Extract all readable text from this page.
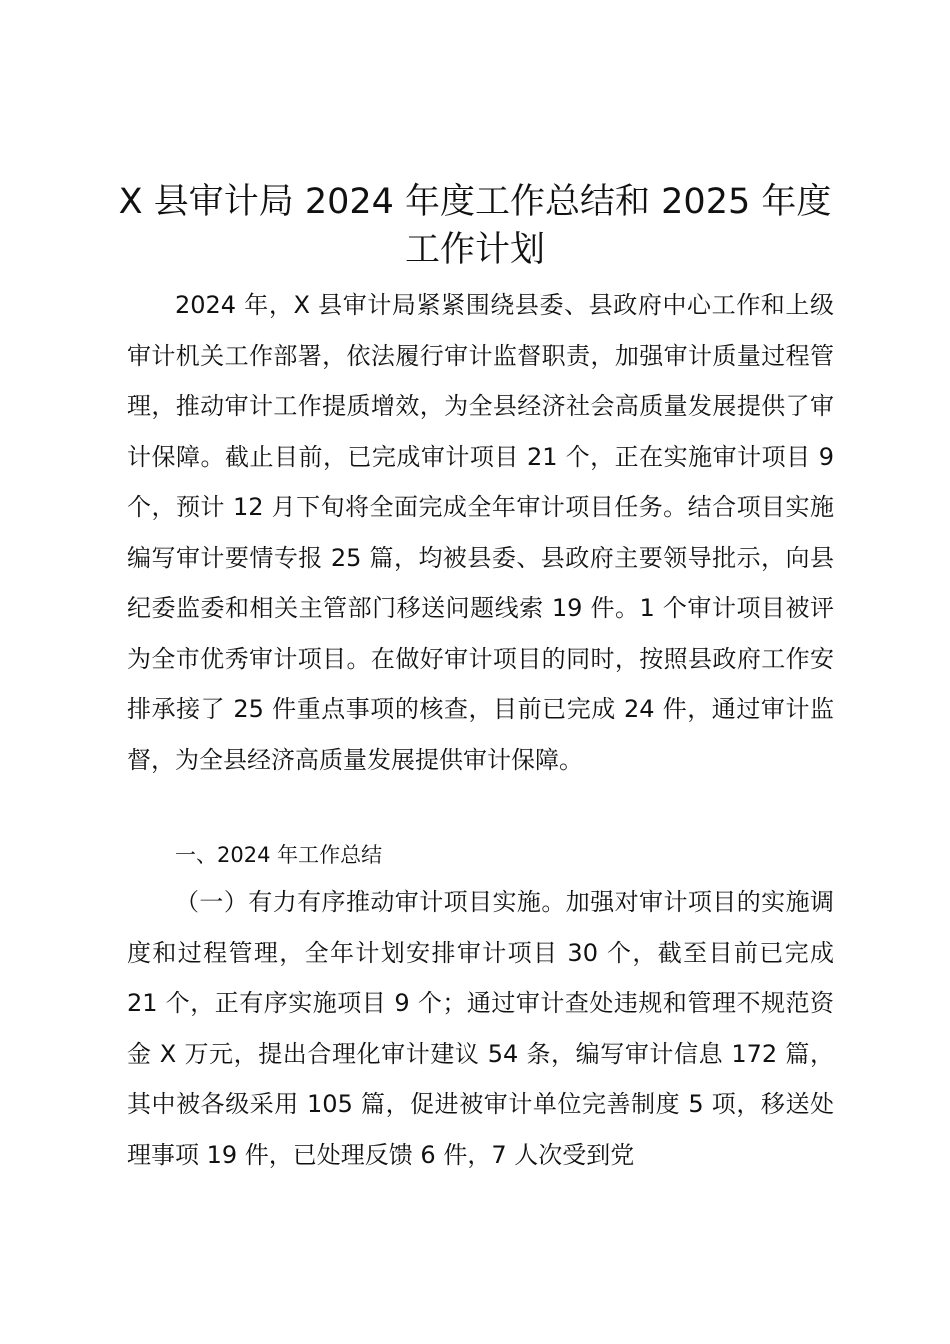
X 县审计局 2024 年度工作总结和 2025 年度工作计划

2024 年，X 县审计局紧紧围绕县委、县政府中心工作和上级审计机关工作部署，依法履行审计监督职责，加强审计质量过程管理，推动审计工作提质增效，为全县经济社会高质量发展提供了审计保障。截止目前，已完成审计项目 21 个，正在实施审计项目 9 个，预计 12 月下旬将全面完成全年审计项目任务。结合项目实施编写审计要情专报 25 篇，均被县委、县政府主要领导批示，向县纪委监委和相关主管部门移送问题线索 19 件。1 个审计项目被评为全市优秀审计项目。在做好审计项目的同时，按照县政府工作安排承接了 25 件重点事项的核查，目前已完成 24 件，通过审计监督，为全县经济高质量发展提供审计保障。

一、2024 年工作总结

（一）有力有序推动审计项目实施。加强对审计项目的实施调度和过程管理，全年计划安排审计项目 30 个，截至目前已完成 21 个，正有序实施项目 9 个；通过审计查处违规和管理不规范资金 X 万元，提出合理化审计建议 54 条，编写审计信息 172 篇，其中被各级采用 105 篇，促进被审计单位完善制度 5 项，移送处理事项 19 件，已处理反馈 6 件，7 人次受到党
